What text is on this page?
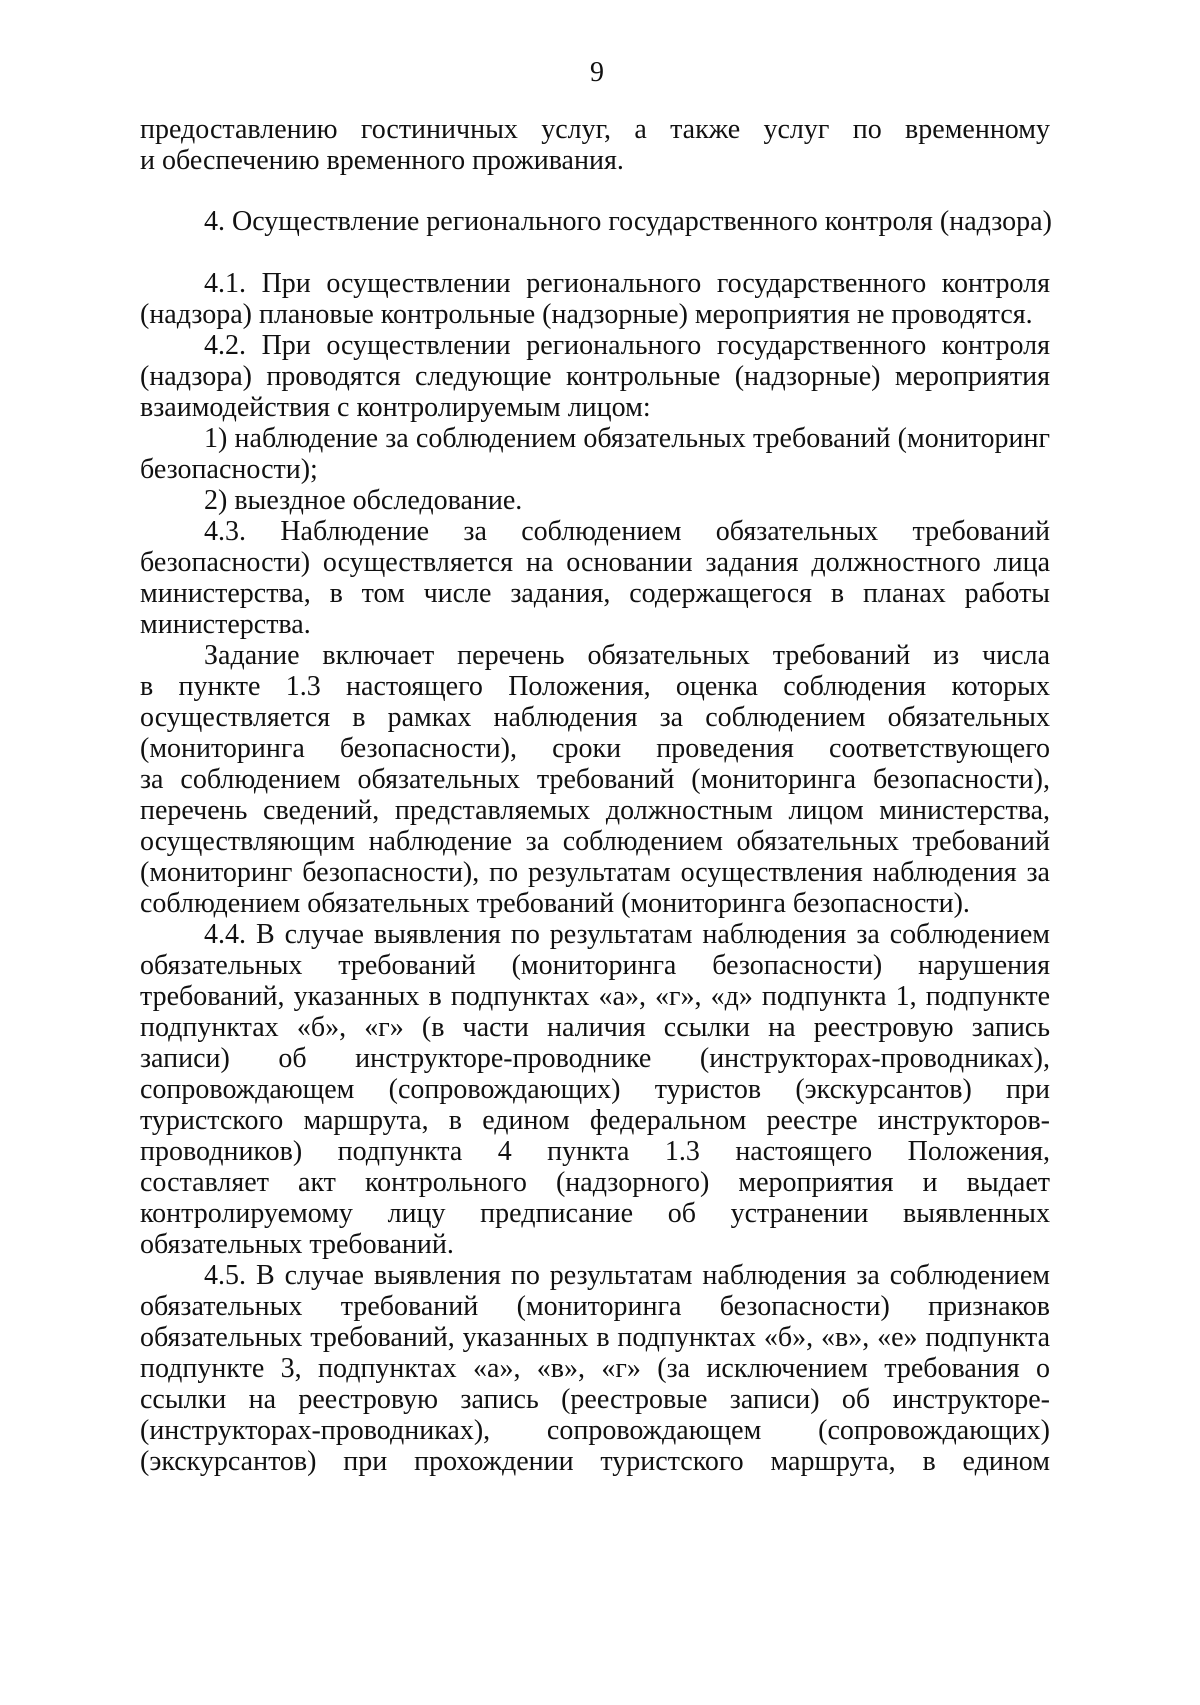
9
предоставлению гостиничных услуг, а также услуг по временному
и обеспечению временного проживания.
4. Осуществление регионального государственного контроля (надзора)
4.1. При осуществлении регионального государственного контроля
(надзора) плановые контрольные (надзорные) мероприятия не проводятся.
4.2. При осуществлении регионального государственного контроля
(надзора) проводятся следующие контрольные (надзорные) мероприятия
взаимодействия с контролируемым лицом:
1) наблюдение за соблюдением обязательных требований (мониторинг
безопасности);
2) выездное обследование.
4.3. Наблюдение за соблюдением обязательных требований
безопасности) осуществляется на основании задания должностного лица
министерства, в том числе задания, содержащегося в планах работы
министерства.
Задание включает перечень обязательных требований из числа
в пункте 1.3 настоящего Положения, оценка соблюдения которых
осуществляется в рамках наблюдения за соблюдением обязательных
(мониторинга безопасности), сроки проведения соответствующего
за соблюдением обязательных требований (мониторинга безопасности),
перечень сведений, представляемых должностным лицом министерства,
осуществляющим наблюдение за соблюдением обязательных требований
(мониторинг безопасности), по результатам осуществления наблюдения за
соблюдением обязательных требований (мониторинга безопасности).
4.4. В случае выявления по результатам наблюдения за соблюдением
обязательных требований (мониторинга безопасности) нарушения
требований, указанных в подпунктах «а», «г», «д» подпункта 1, подпункте
подпунктах «б», «г» (в части наличия ссылки на реестровую запись
записи) об инструкторе-проводнике (инструкторах-проводниках),
сопровождающем (сопровождающих) туристов (экскурсантов) при
туристского маршрута, в едином федеральном реестре инструкторов-
проводников) подпункта 4 пункта 1.3 настоящего Положения,
составляет акт контрольного (надзорного) мероприятия и выдает
контролируемому лицу предписание об устранении выявленных
обязательных требований.
4.5. В случае выявления по результатам наблюдения за соблюдением
обязательных требований (мониторинга безопасности) признаков
обязательных требований, указанных в подпунктах «б», «в», «е» подпункта
подпункте 3, подпунктах «а», «в», «г» (за исключением требования о
ссылки на реестровую запись (реестровые записи) об инструкторе-
(инструкторах-проводниках), сопровождающем (сопровождающих)
(экскурсантов) при прохождении туристского маршрута, в едином
